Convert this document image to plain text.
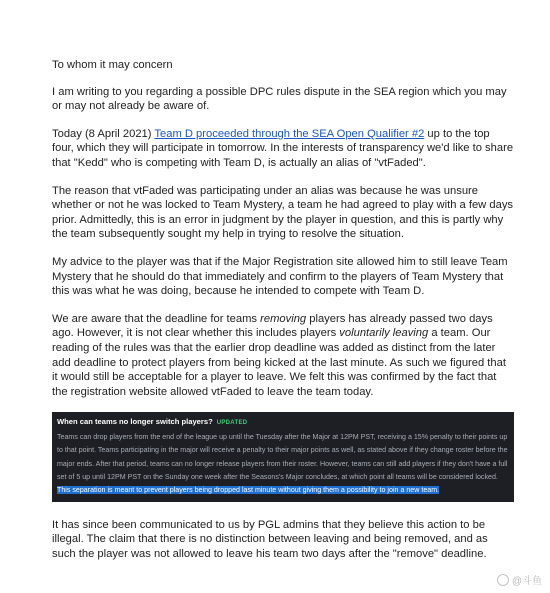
To whom it may concern

I am writing to you regarding a possible DPC rules dispute in the SEA region which you may or may not already be aware of.

Today (8 April 2021) Team D proceeded through the SEA Open Qualifier #2 up to the top four, which they will participate in tomorrow. In the interests of transparency we'd like to share that "Kedd" who is competing with Team D, is actually an alias of "vtFaded".

The reason that vtFaded was participating under an alias was because he was unsure whether or not he was locked to Team Mystery, a team he had agreed to play with a few days prior. Admittedly, this is an error in judgment by the player in question, and this is partly why the team subsequently sought my help in trying to resolve the situation.

My advice to the player was that if the Major Registration site allowed him to still leave Team Mystery that he should do that immediately and confirm to the players of Team Mystery that this was what he was doing, because he intended to compete with Team D.

We are aware that the deadline for teams removing players has already passed two days ago. However, it is not clear whether this includes players voluntarily leaving a team. Our reading of the rules was that the earlier drop deadline was added as distinct from the later add deadline to protect players from being kicked at the last minute. As such we figured that it would still be acceptable for a player to leave. We felt this was confirmed by the fact that the registration website allowed vtFaded to leave the team today.

When can teams no longer switch players? UPDATED
Teams can drop players from the end of the league up until the Tuesday after the Major at 12PM PST, receiving a 15% penalty to their points up to that point. Teams participating in the major will receive a penalty to their major points as well, as stated above if they change roster before the major ends. After that period, teams can no longer release players from their roster. However, teams can still add players if they don't have a full set of 5 up until 12PM PST on the Sunday one week after the Seasons's Major concludes, at which point all teams will be considered locked. This separation is meant to prevent players being dropped last minute without giving them a possibility to join a new team.

It has since been communicated to us by PGL admins that they believe this action to be illegal. The claim that there is no distinction between leaving and being removed, and as such the player was not allowed to leave his team two days after the "remove" deadline.

@斗鱼
